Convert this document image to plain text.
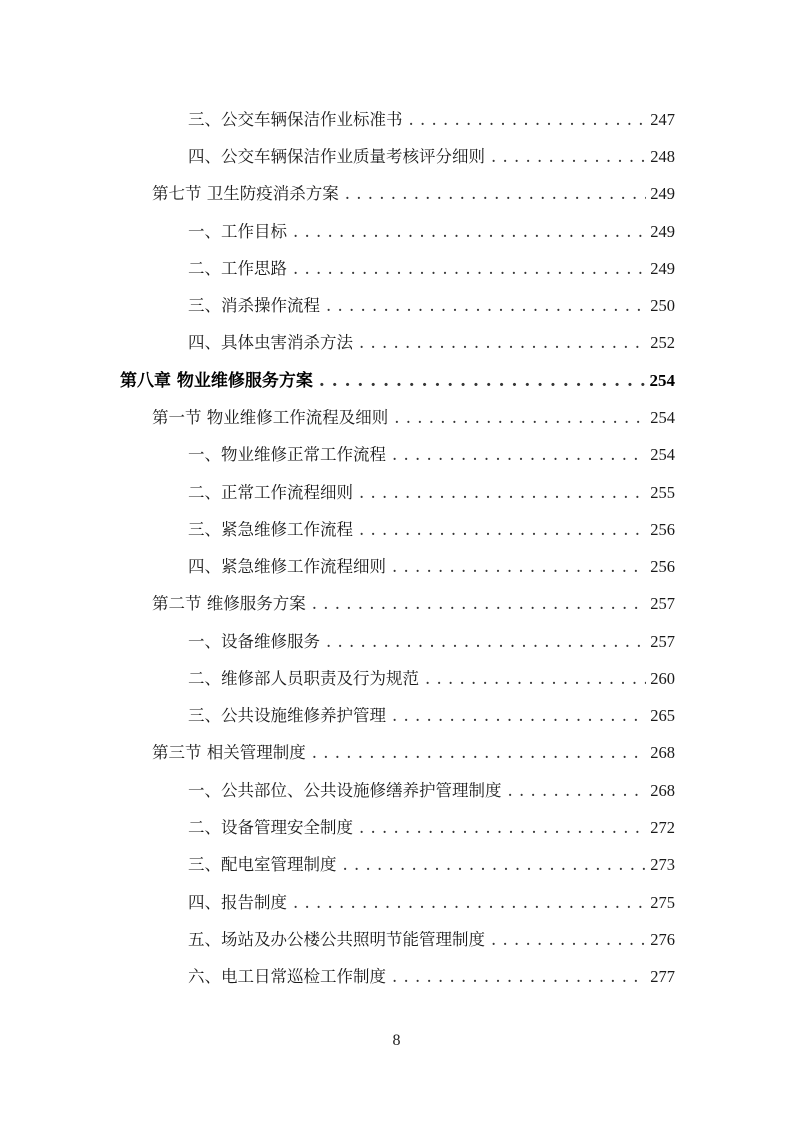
三、公交车辆保洁作业标准书 . . .	247
四、公交车辆保洁作业质量考核评分细则 . . .	248
第七节 卫生防疫消杀方案 . . .	249
一、工作目标 . . .	249
二、工作思路 . . .	249
三、消杀操作流程 . . .	250
四、具体虫害消杀方法 . . .	252
第八章 物业维修服务方案 . . .	254
第一节 物业维修工作流程及细则 . . .	254
一、物业维修正常工作流程 . . .	254
二、正常工作流程细则 . . .	255
三、紧急维修工作流程 . . .	256
四、紧急维修工作流程细则 . . .	256
第二节 维修服务方案 . . .	257
一、设备维修服务 . . .	257
二、维修部人员职责及行为规范 . . .	260
三、公共设施维修养护管理 . . .	265
第三节 相关管理制度 . . .	268
一、公共部位、公共设施修缮养护管理制度 . . .	268
二、设备管理安全制度 . . .	272
三、配电室管理制度 . . .	273
四、报告制度 . . .	275
五、场站及办公楼公共照明节能管理制度 . . .	276
六、电工日常巡检工作制度 . . .	277
8
